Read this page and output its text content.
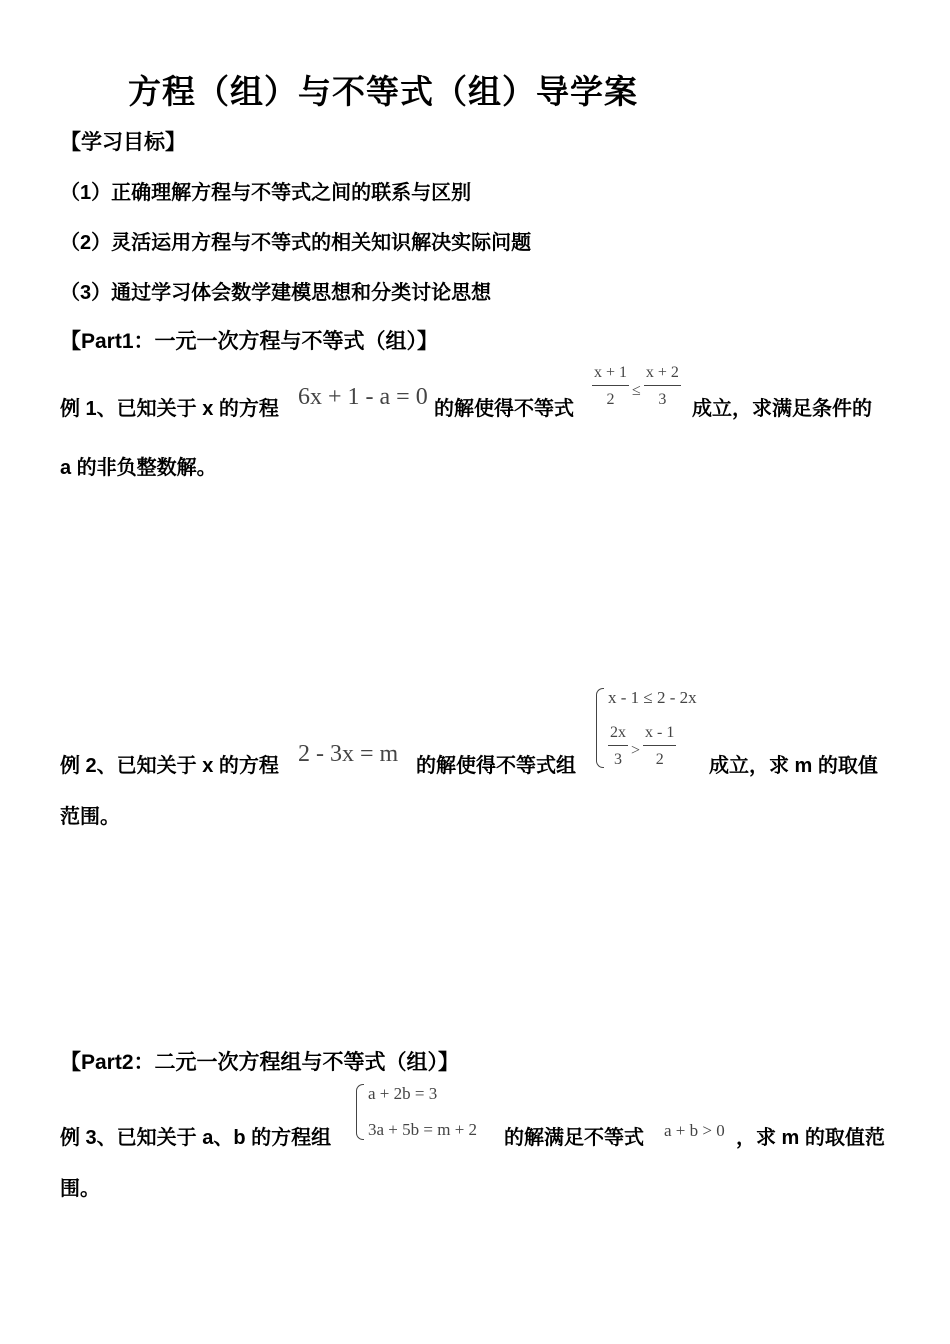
方程（组）与不等式（组）导学案
【学习目标】
（1）正确理解方程与不等式之间的联系与区别
（2）灵活运用方程与不等式的相关知识解决实际问题
（3）通过学习体会数学建模思想和分类讨论思想
【Part1：一元一次方程与不等式（组）】
例 1、已知关于 x 的方程 6x + 1 - a = 0 的解使得不等式
$\frac{x + 1}{2} \le \frac{x + 2}{3}$
成立，求满足条件的
a 的非负整数解。
例 2、已知关于 x 的方程 2 - 3x = m 的解使得不等式组
x - 1 ≤ 2 - 2x
$\frac{2x}{3} > \frac{x - 1}{2}$ 成立，求 m 的取值
范围。
【Part2：二元一次方程组与不等式（组）】
例 3、已知关于 a、b 的方程组
a + 2b = 3
3a + 5b = m + 2 的解满足不等式 a + b > 0 ，求 m 的取值范
围。
